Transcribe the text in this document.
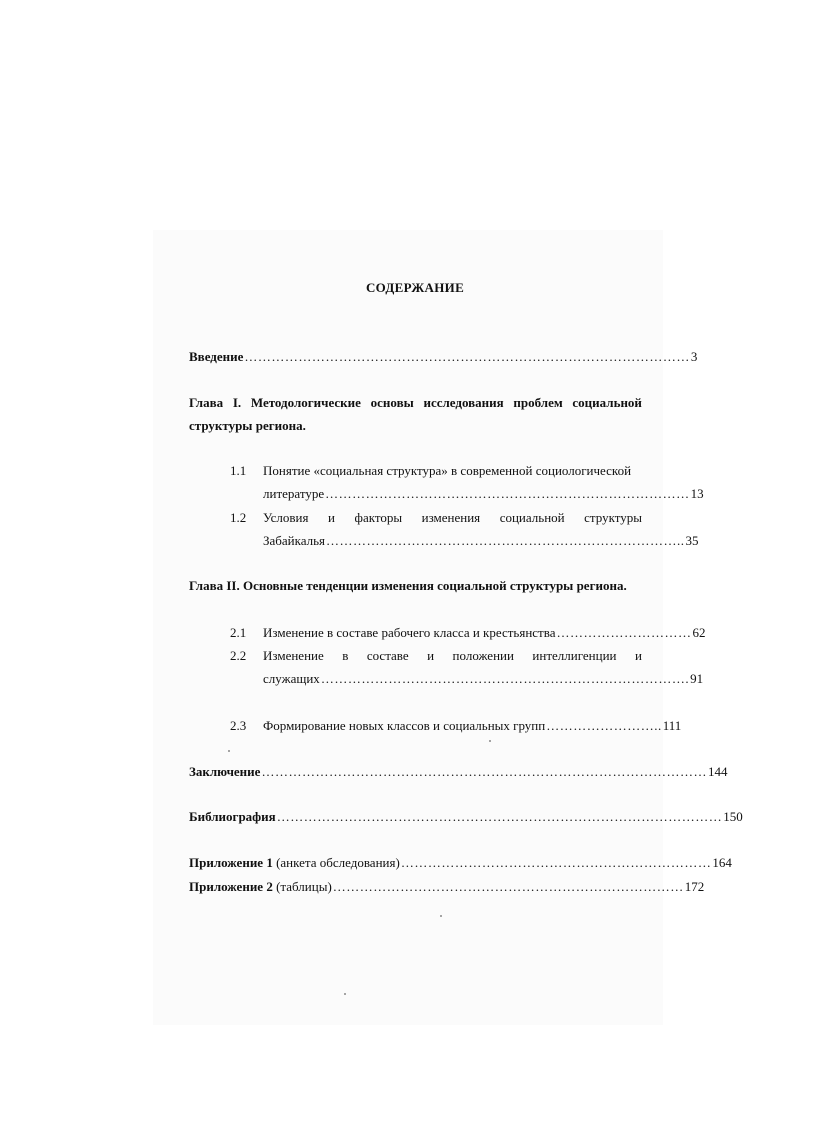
СОДЕРЖАНИЕ
Введение ……………………………………………………………………………………… 3
Глава I. Методологические основы исследования проблем социальной
структуры региона.
1.1 Понятие «социальная структура» в современной социологической
литературе ……………………………………………………………………… 13
1.2 Условия и факторы изменения социальной структуры
Забайкалья …………………………………………………………………….. 35
Глава II. Основные тенденции изменения социальной структуры региона.
2.1 Изменение в составе рабочего класса и крестьянства ………………………… 62
2.2 Изменение в составе и положении интеллигенции и
служащих ………………………………………………………………………. 91
2.3 Формирование новых классов и социальных групп …………………….. 111
Заключение ……………………………………………………………………………………… 144
Библиография ……………………………………………………………………………………… 150
Приложение 1 (анкета обследования) …………………………………………………………… 164
Приложение 2 (таблицы) …………………………………………………………………… 172
